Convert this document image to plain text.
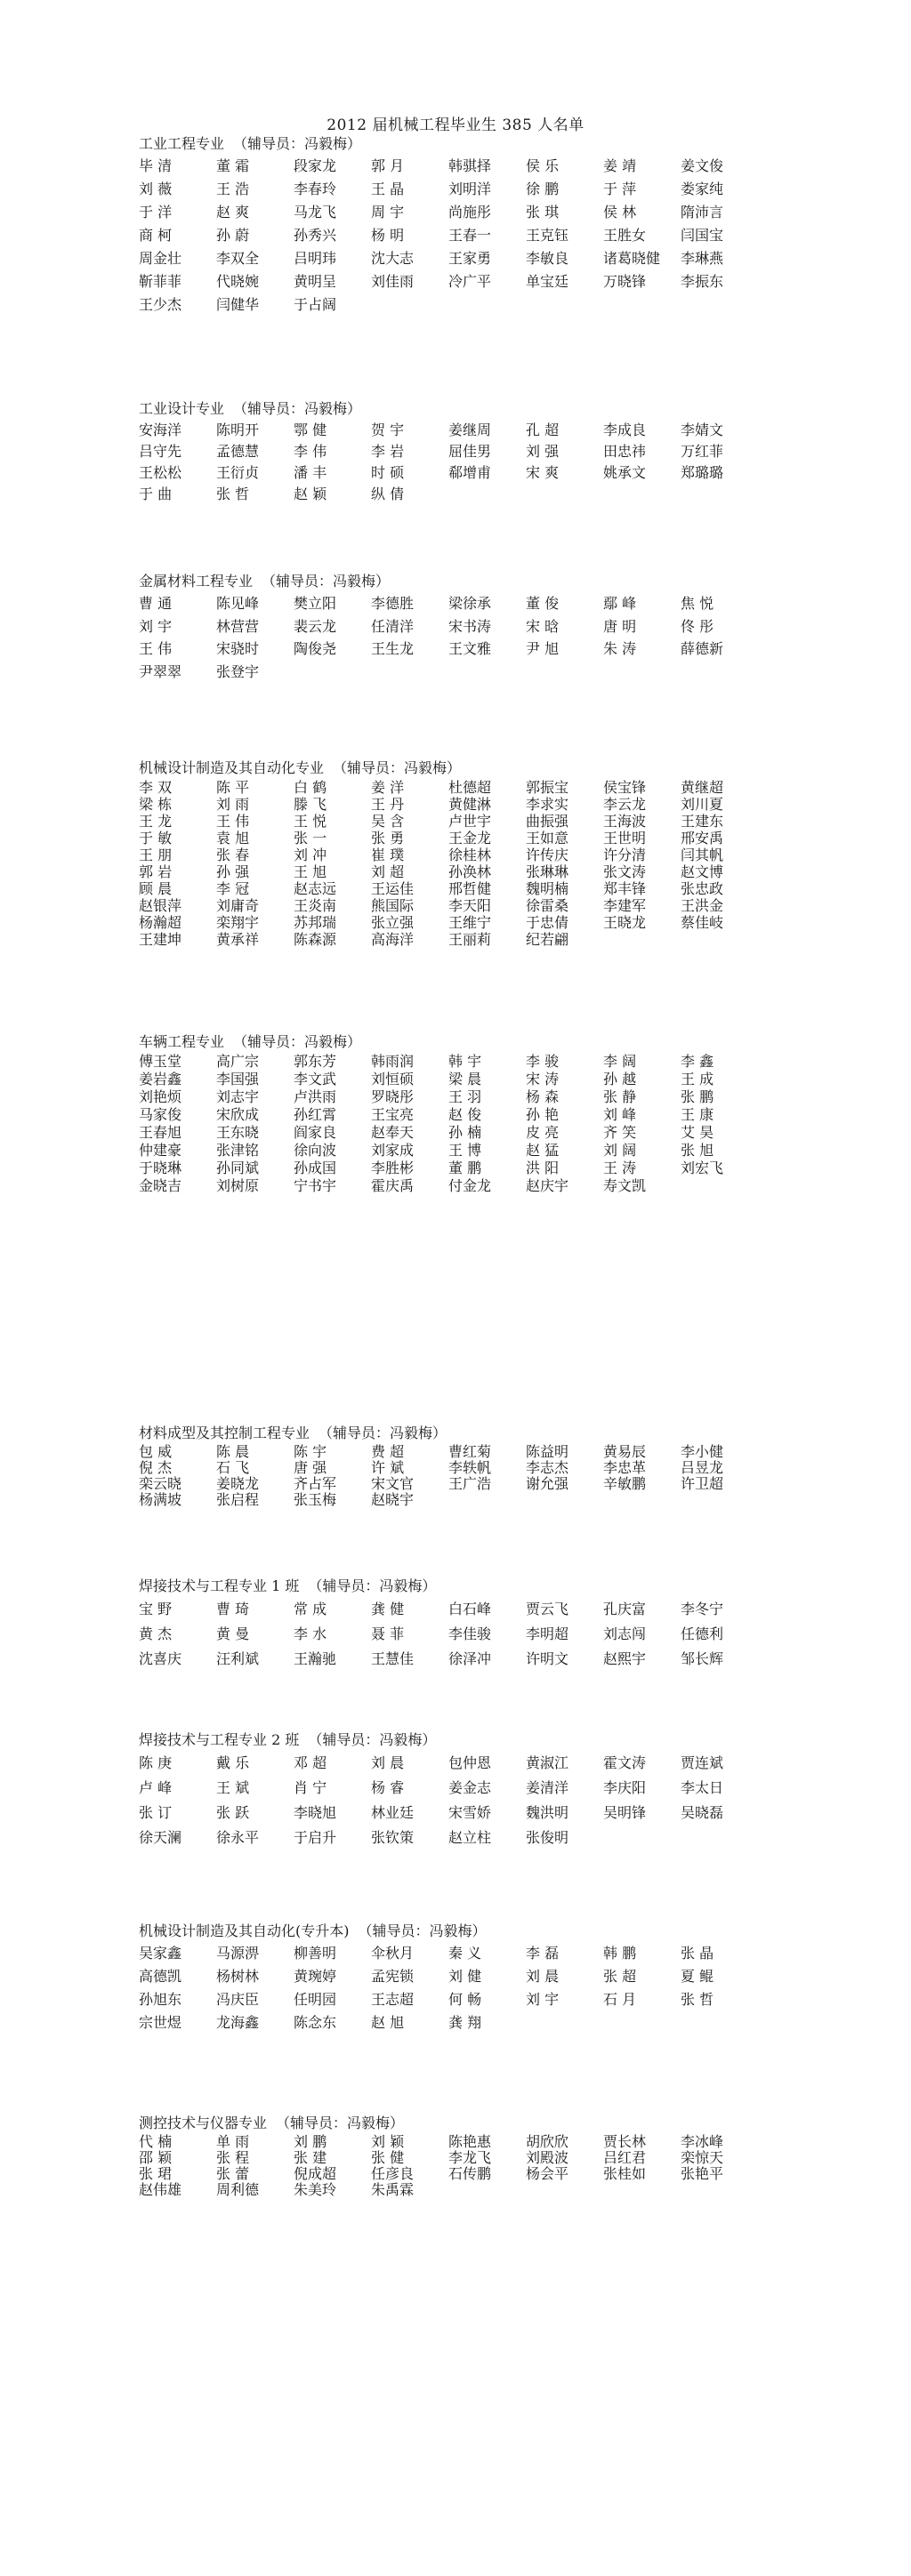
2012 届机械工程毕业生 385 人名单
工业工程专业 （辅导员：冯毅梅）
毕 清	董 霜	段家龙	郭 月	韩骐择	侯 乐	姜 靖	姜文俊
刘 薇	王 浩	李春玲	王 晶	刘明洋	徐 鹏	于 萍	娄家纯
于 洋	赵 爽	马龙飞	周 宇	尚施彤	张 琪	侯 林	隋沛言
商 柯	孙 蔚	孙秀兴	杨 明	王春一	王克钰	王胜女	闫国宝
周金壮	李双全	吕明玮	沈大志	王家勇	李敏良	诸葛晓健	李琳燕
靳菲菲	代晓婉	黄明呈	刘佳雨	冷广平	单宝廷	万晓锋	李振东
王少杰	闫健华	于占阔
工业设计专业 （辅导员：冯毅梅）
安海洋	陈明开	鄂 健	贺 宇	姜继周	孔 超	李成良	李婧文
吕守先	孟德慧	李 伟	李 岩	屈佳男	刘 强	田忠祎	万红菲
王松松	王衍贞	潘 丰	时 硕	郗增甫	宋 爽	姚承文	郑璐璐
于 曲	张 哲	赵 颖	纵 倩
金属材料工程专业 （辅导员：冯毅梅）
曹 通	陈见峰	樊立阳	李德胜	梁徐承	董 俊	鄢 峰	焦 悦
刘 宇	林营营	裴云龙	任清洋	宋书涛	宋 晗	唐 明	佟 彤
王 伟	宋骁时	陶俊尧	王生龙	王文雅	尹 旭	朱 涛	薛德新
尹翠翠	张登宇
机械设计制造及其自动化专业 （辅导员：冯毅梅）
李 双	陈 平	白 鹤	姜 洋	杜德超	郭振宝	侯宝锋	黄继超
梁 栋	刘 雨	滕 飞	王 丹	黄健淋	李求实	李云龙	刘川夏
王 龙	王 伟	王 悦	吴 含	卢世宇	曲振强	王海波	王建东
于 敏	袁 旭	张 一	张 勇	王金龙	王如意	王世明	邢安禹
王 朋	张 春	刘 冲	崔 璞	徐桂林	许传庆	许分清	闫其帆
郭 岩	孙 强	王 旭	刘 超	孙涣林	张琳琳	张文涛	赵文博
顾 晨	李 冠	赵志远	王运佳	邢哲健	魏明楠	郑丰锋	张忠政
赵银萍	刘庸奇	王炎南	熊国际	李天阳	徐雷桑	李建军	王洪金
杨瀚超	栾翔宇	苏邦瑞	张立强	王维宁	于忠倩	王晓龙	蔡佳岐
王建坤	黄承祥	陈森源	高海洋	王丽莉	纪若翩
车辆工程专业 （辅导员：冯毅梅）
傅玉堂	高广宗	郭东芳	韩雨润	韩 宇	李 骏	李 阔	李 鑫
姜岩鑫	李国强	李文武	刘恒硕	梁 晨	宋 涛	孙 越	王 成
刘艳烦	刘志宇	卢洪雨	罗晓彤	王 羽	杨 森	张 静	张 鹏
马家俊	宋欣成	孙红霄	王宝亮	赵 俊	孙 艳	刘 峰	王 康
王春旭	王东晓	阎家良	赵奉天	孙 楠	皮 亮	齐 笑	艾 昊
仲建豪	张津铭	徐向波	刘家成	王 博	赵 猛	刘 阔	张 旭
于晓琳	孙同斌	孙成国	李胜彬	董 鹏	洪 阳	王 涛	刘宏飞
金晓吉	刘树原	宁书宇	霍庆禹	付金龙	赵庆宇	寿文凯
材料成型及其控制工程专业 （辅导员：冯毅梅）
包 威	陈 晨	陈 宇	费 超	曹红菊	陈益明	黄易辰	李小健
倪 杰	石 飞	唐 强	许 斌	李轶帆	李志杰	李忠革	吕昱龙
栾云晓	姜晓龙	齐占军	宋文官	王广浩	谢允强	辛敏鹏	许卫超
杨满坡	张启程	张玉梅	赵晓宇
焊接技术与工程专业 1 班 （辅导员：冯毅梅）
宝 野	曹 琦	常 成	龚 健	白石峰	贾云飞	孔庆富	李冬宁
黄 杰	黄 曼	李 水	聂 菲	李佳骏	李明超	刘志闯	任德利
沈喜庆	汪利斌	王瀚驰	王慧佳	徐泽冲	许明文	赵熙宇	邹长辉
焊接技术与工程专业 2 班 （辅导员：冯毅梅）
陈 庚	戴 乐	邓 超	刘 晨	包仲恩	黄淑江	霍文涛	贾连斌
卢 峰	王 斌	肖 宁	杨 睿	姜金志	姜清洋	李庆阳	李太日
张 订	张 跃	李晓旭	林业廷	宋雪娇	魏洪明	吴明锋	吴晓磊
徐天澜	徐永平	于启升	张钦策	赵立柱	张俊明
机械设计制造及其自动化(专升本) （辅导员：冯毅梅）
吴家鑫	马源淠	柳善明	伞秋月	秦 义	李 磊	韩 鹏	张 晶
高德凯	杨树林	黄琬婷	孟宪锁	刘 健	刘 晨	张 超	夏 鲲
孙旭东	冯庆臣	任明园	王志超	何 畅	刘 宇	石 月	张 哲
宗世煜	龙海鑫	陈念东	赵 旭	龚 翔
测控技术与仪器专业 （辅导员：冯毅梅）
代 楠	单 雨	刘 鹏	刘 颖	陈艳惠	胡欣欣	贾长林	李冰峰
邵 颖	张 程	张 建	张 健	李龙飞	刘殿波	吕红君	栾惊天
张 珺	张 蕾	倪成超	任彦良	石传鹏	杨会平	张桂如	张艳平
赵伟雄	周利德	朱美玲	朱禹霖
